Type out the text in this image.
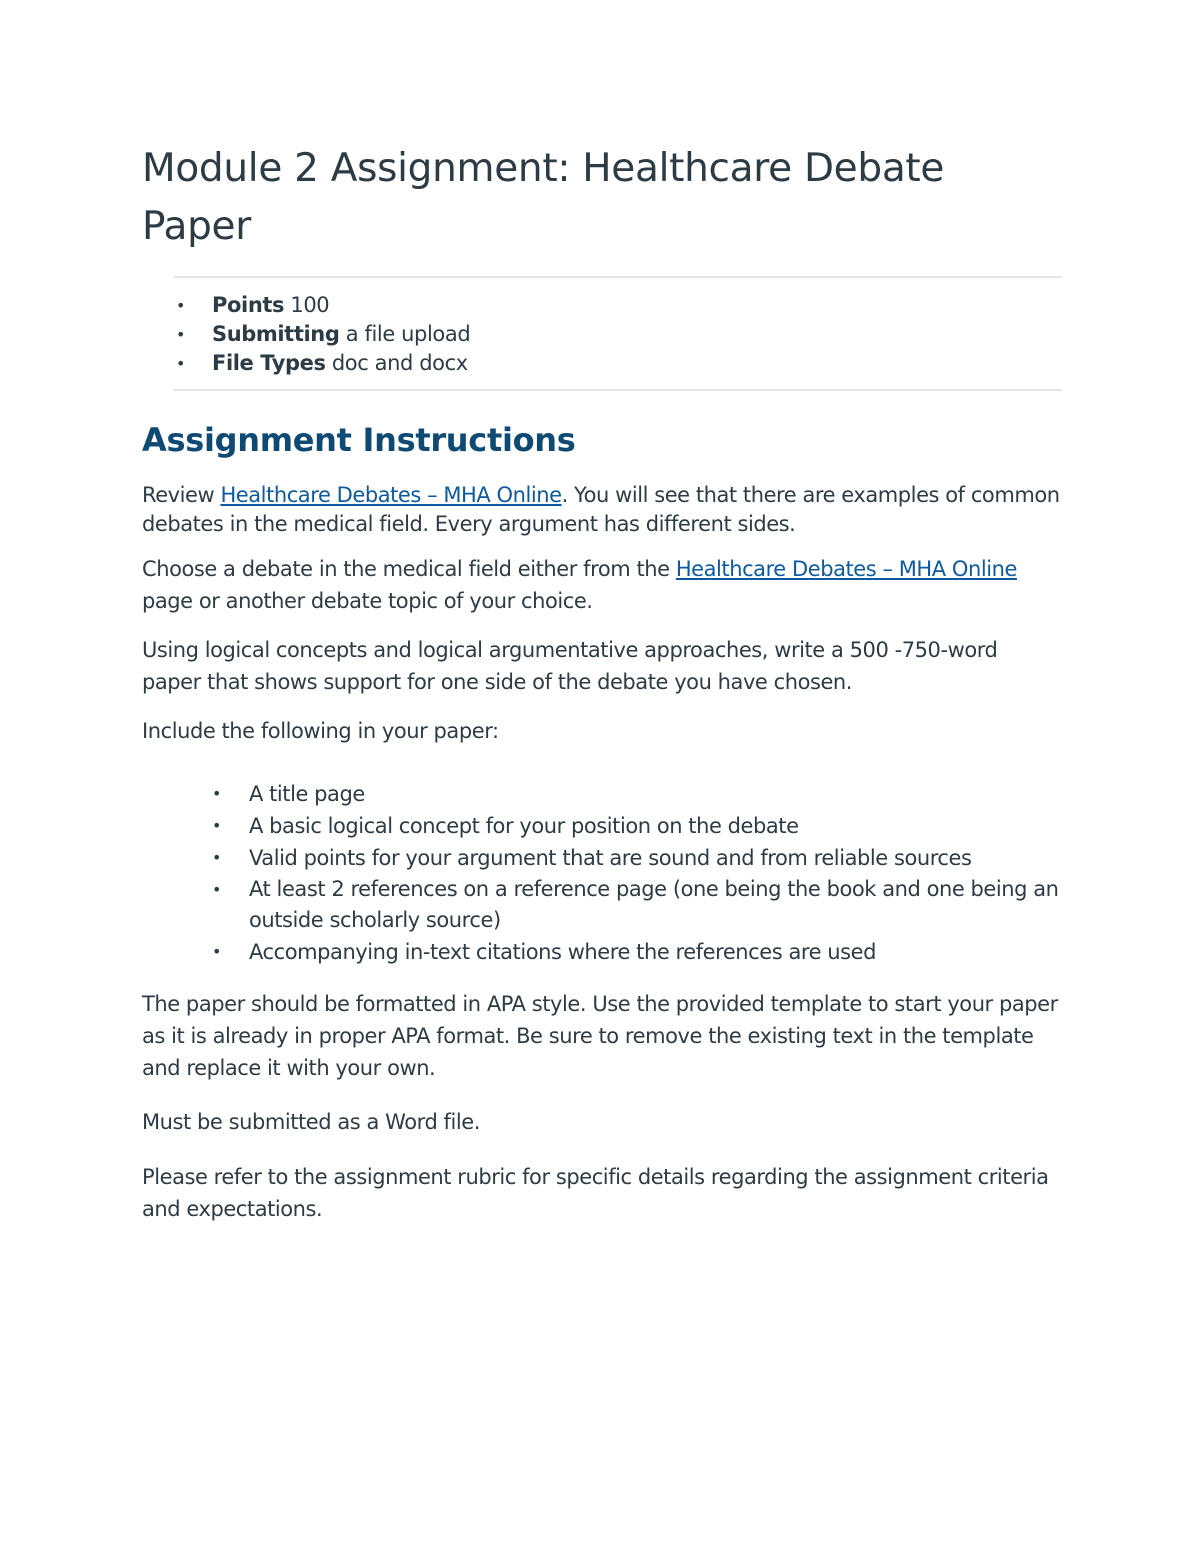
Module 2 Assignment: Healthcare Debate Paper
• Points 100
• Submitting a file upload
• File Types doc and docx
Assignment Instructions

Review Healthcare Debates – MHA Online. You will see that there are examples of common debates in the medical field. Every argument has different sides.

Choose a debate in the medical field either from the Healthcare Debates – MHA Online page or another debate topic of your choice.

Using logical concepts and logical argumentative approaches, write a 500 -750-word paper that shows support for one side of the debate you have chosen.

Include the following in your paper:

• A title page
• A basic logical concept for your position on the debate
• Valid points for your argument that are sound and from reliable sources
• At least 2 references on a reference page (one being the book and one being an outside scholarly source)
• Accompanying in-text citations where the references are used

The paper should be formatted in APA style. Use the provided template to start your paper as it is already in proper APA format. Be sure to remove the existing text in the template and replace it with your own.

Must be submitted as a Word file.

Please refer to the assignment rubric for specific details regarding the assignment criteria and expectations.
